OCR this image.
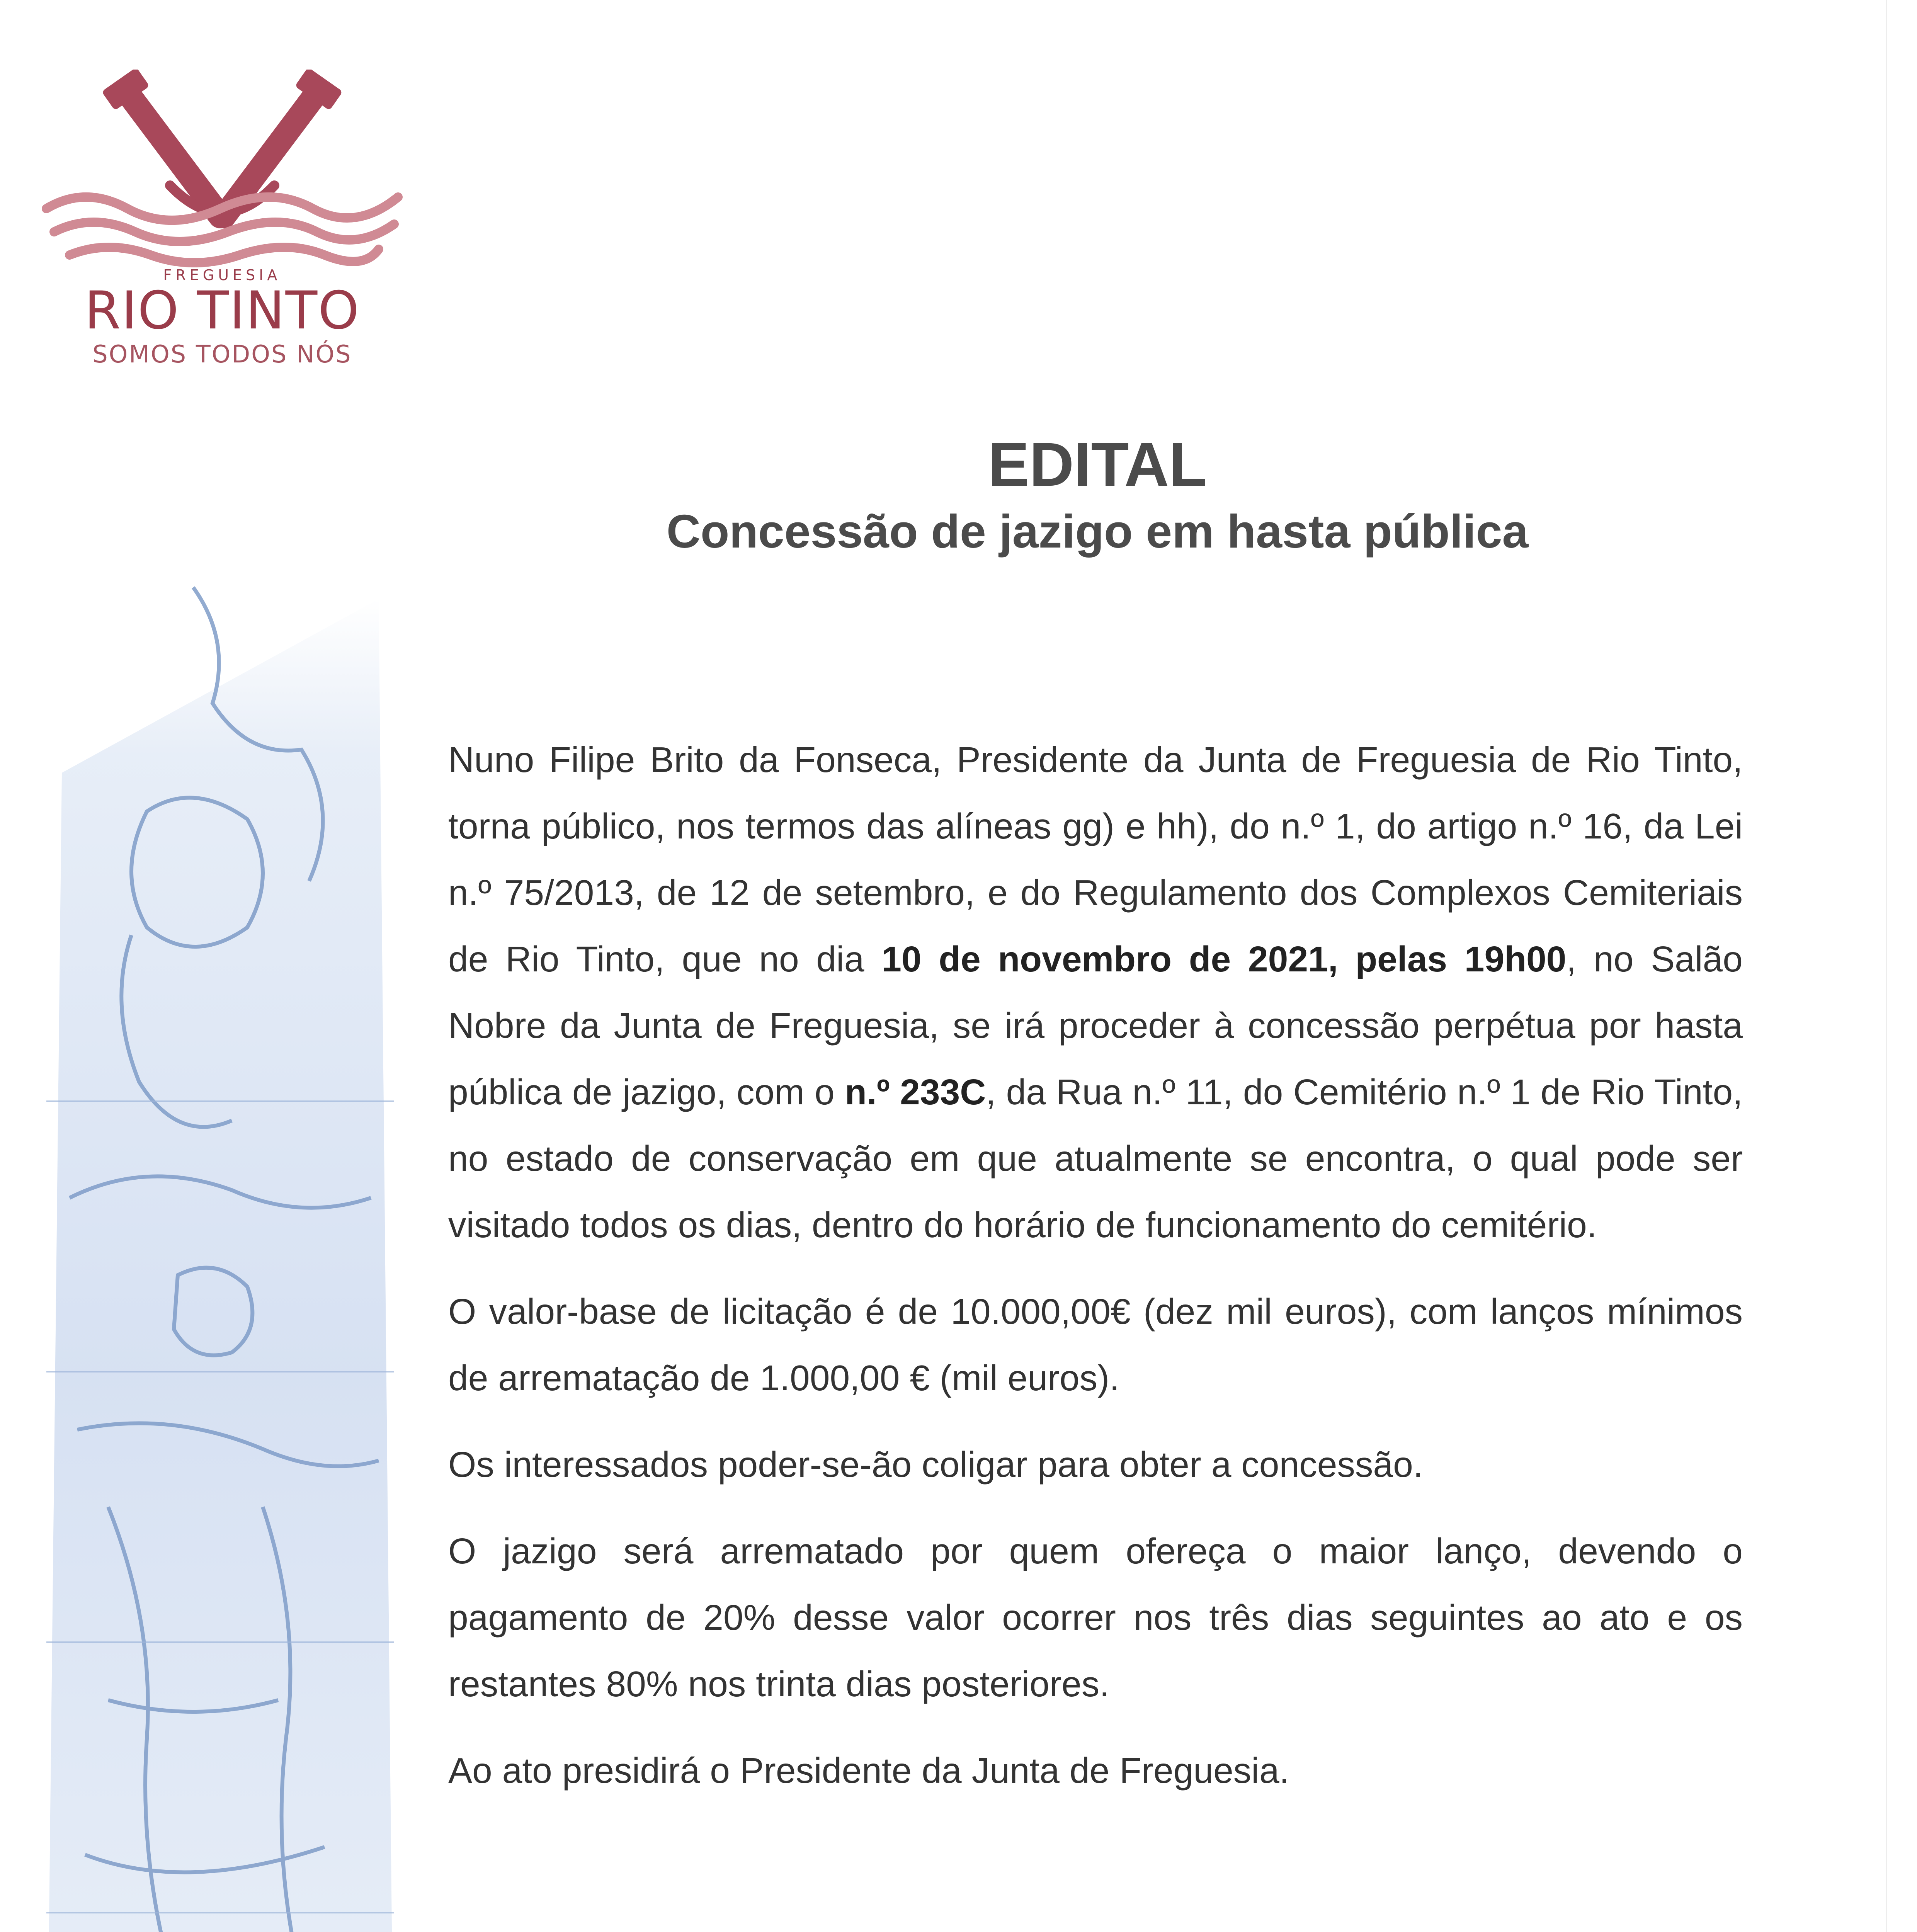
FREGUESIA
RIO TINTO
SOMOS TODOS NÓS
EDITAL
Concessão de jazigo em hasta pública

Nuno Filipe Brito da Fonseca, Presidente da Junta de Freguesia de Rio Tinto, torna público, nos termos das alíneas gg) e hh), do n.º 1, do artigo n.º 16, da Lei n.º 75/2013, de 12 de setembro, e do Regulamento dos Complexos Cemiteriais de Rio Tinto, que no dia 10 de novembro de 2021, pelas 19h00, no Salão Nobre da Junta de Freguesia, se irá proceder à concessão perpétua por hasta pública de jazigo, com o n.º 233C, da Rua n.º 11, do Cemitério n.º 1 de Rio Tinto, no estado de conservação em que atualmente se encontra, o qual pode ser visitado todos os dias, dentro do horário de funcionamento do cemitério.

O valor-base de licitação é de 10.000,00€ (dez mil euros), com lanços mínimos de arrematação de 1.000,00 € (mil euros).

Os interessados poder-se-ão coligar para obter a concessão.

O jazigo será arrematado por quem ofereça o maior lanço, devendo o pagamento de 20% desse valor ocorrer nos três dias seguintes ao ato e os restantes 80% nos trinta dias posteriores.

Ao ato presidirá o Presidente da Junta de Freguesia.
